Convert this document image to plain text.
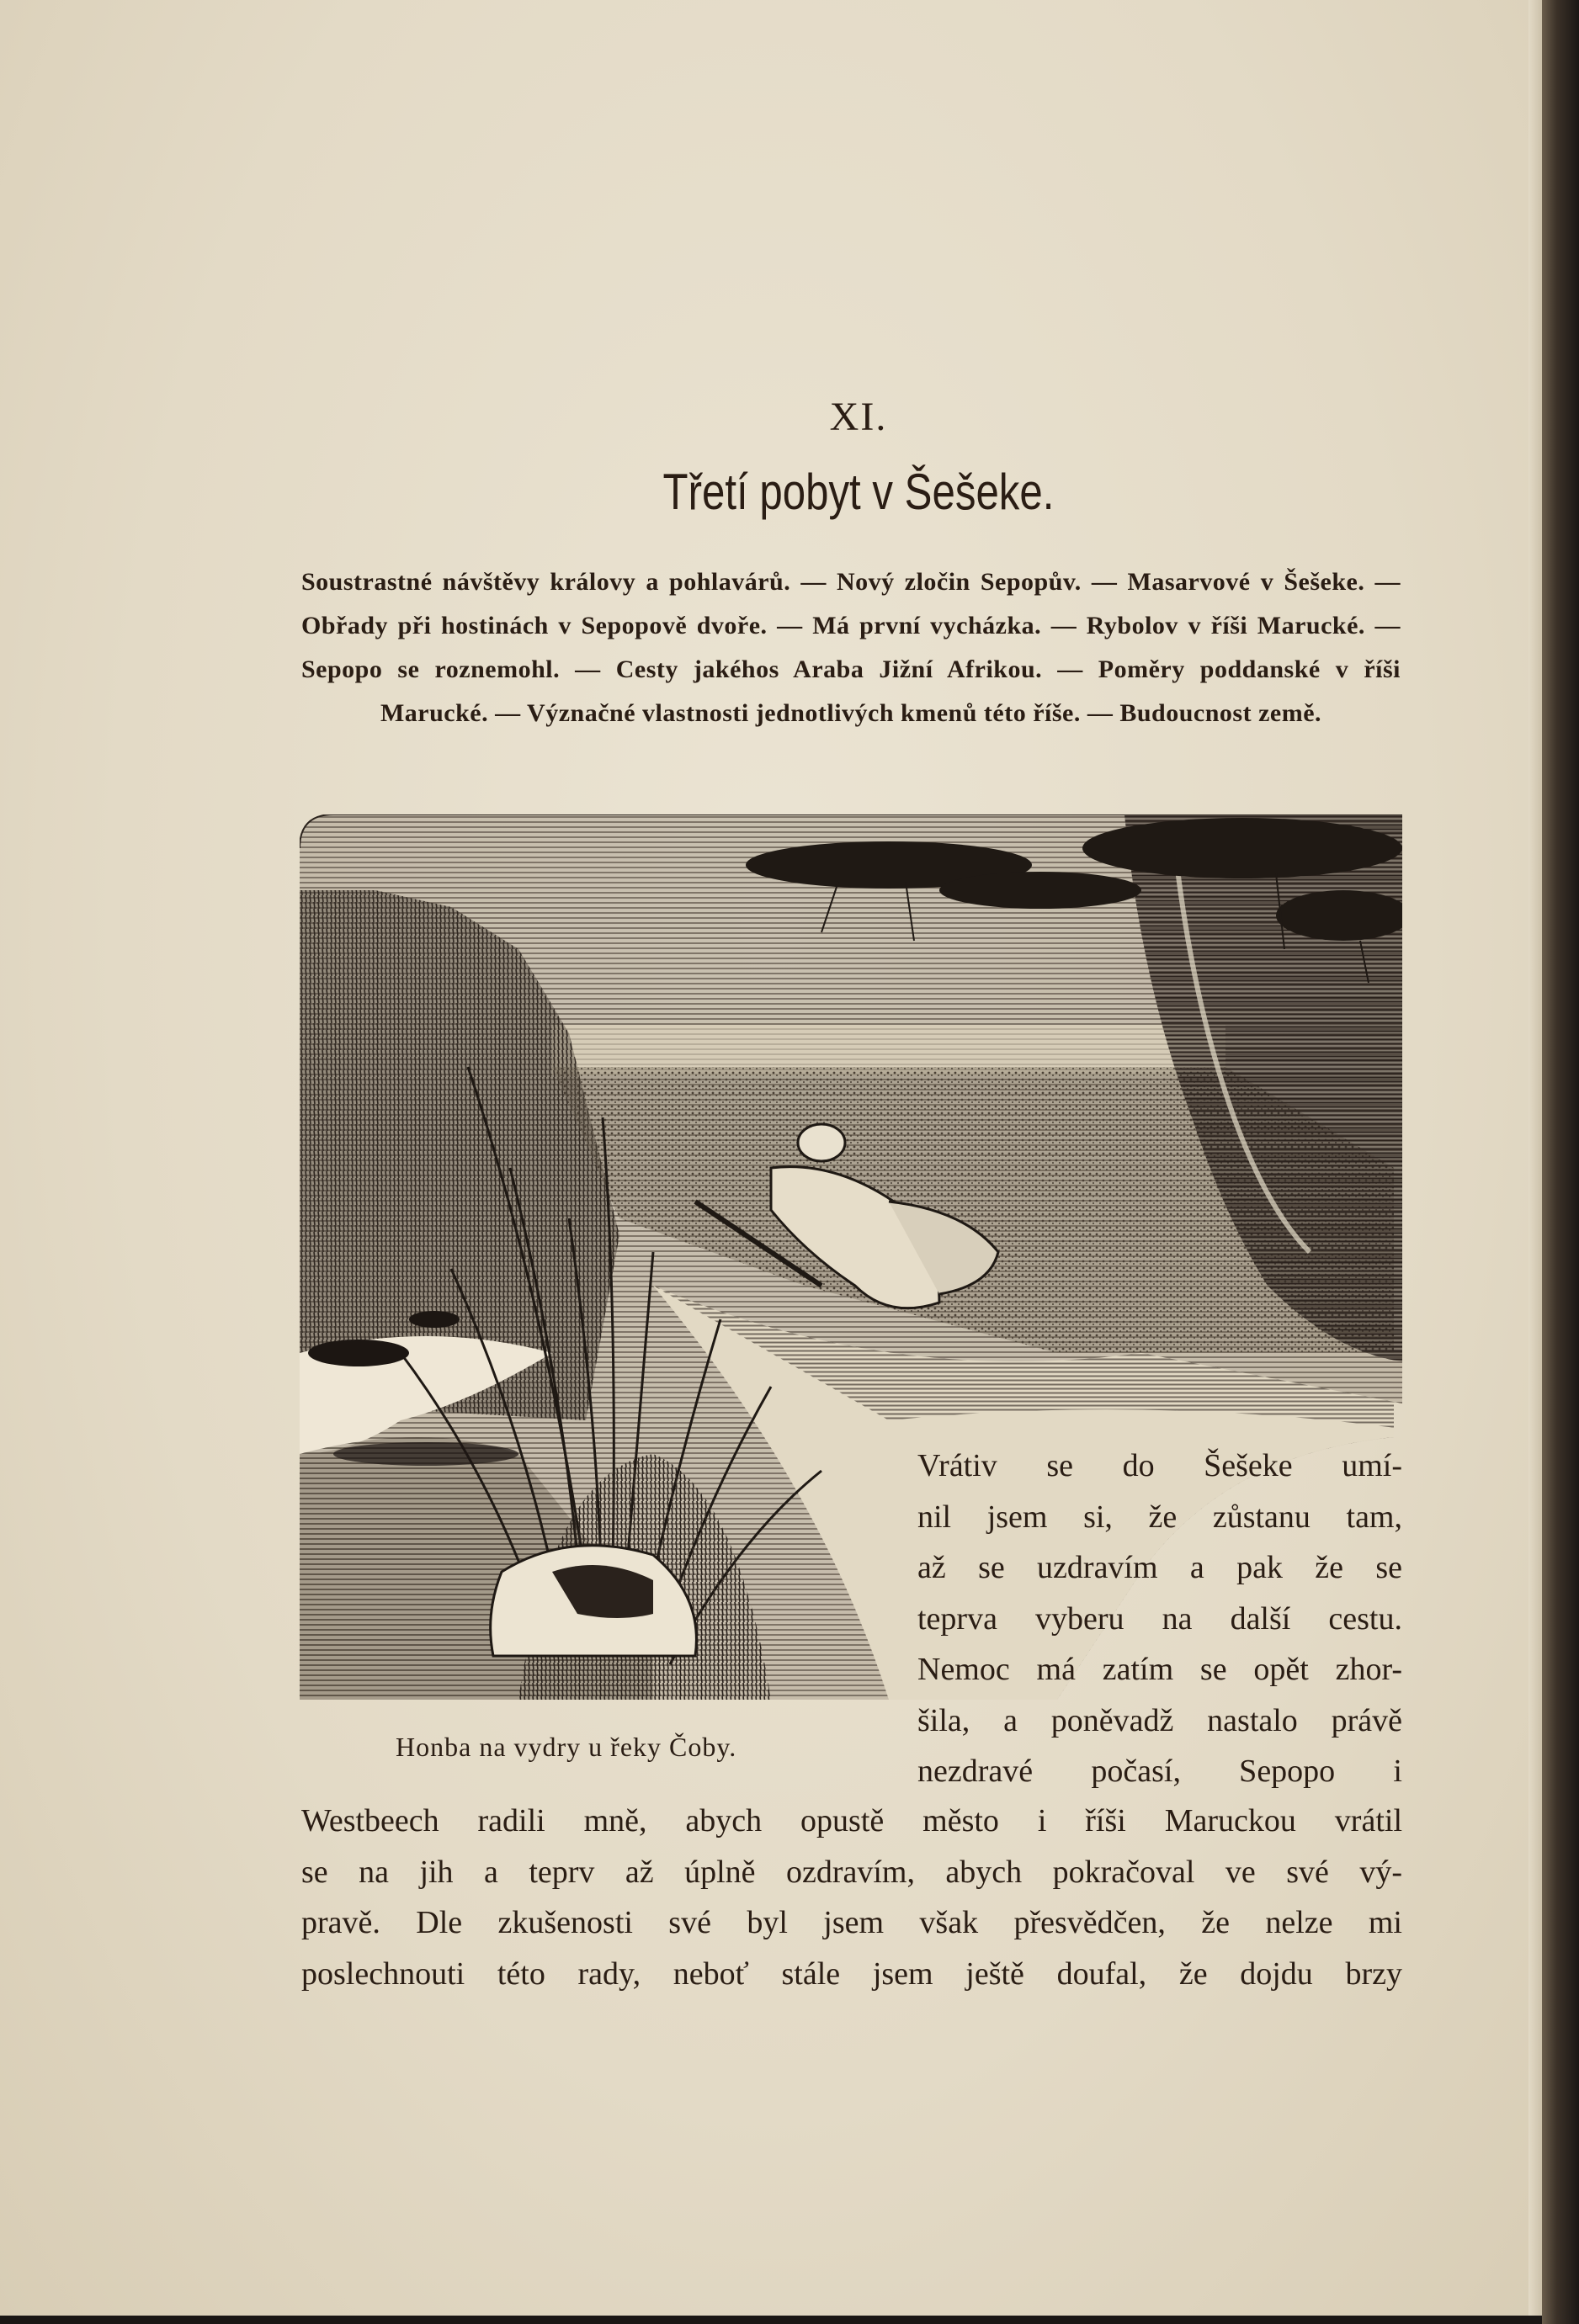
XI.
Třetí pobyt v Šešeke.
Soustrastné návštěvy královy a pohlavárů. — Nový zločin Sepopův. — Masarvové v Šešeke. — Obřady při hostinách v Sepopově dvoře. — Má první vycházka. — Rybolov v říši Marucké. — Sepopo se roznemohl. — Cesty jakéhos Araba Jižní Afrikou. — Poměry poddanské v říši Marucké. — Význačné vlastnosti jednotlivých kmenů této říše. — Budoucnost země.
Honba na vydry u řeky Čoby.
Vrátiv se do Šešeke umí-
nil jsem si, že zůstanu tam,
až se uzdravím a pak že se
teprva vyberu na další cestu.
Nemoc má zatím se opět zhor-
šila, a poněvadž nastalo právě
nezdravé počasí, Sepopo i
Westbeech radili mně, abych opustě město i říši Maruckou vrátil
se na jih a teprv až úplně ozdravím, abych pokračoval ve své vý-
pravě. Dle zkušenosti své byl jsem však přesvědčen, že nelze mi
poslechnouti této rady, neboť stále jsem ještě doufal, že dojdu brzy
